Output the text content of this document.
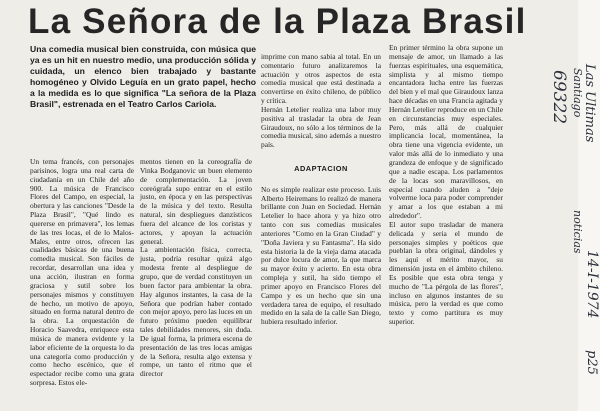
La Señora de la Plaza Brasil
Una comedia musical bien construida, con música que ya es un hit en nuestro medio, una producción sólida y cuidada, un elenco bien trabajado y bastante homogéneo y Olvido Leguía en un grato papel, hecho a la medida es lo que significa "La señora de la Plaza Brasil", estrenada en el Teatro Carlos Cariola.
Un tema francés, con personajes parisinos, logra una real carta de ciudadanía en un Chile del año 900. La música de Francisco Flores del Campo, en especial, la obertura y las canciones "Desde la Plaza Brasil", "Qué lindo es quererse en primavera", los lemas de las tres locas, el de lo Malos-Males, entre otros, ofrecen las cualidades básicas de una buena comedia musical. Son fáciles de recordar, desarrollan una idea y una acción, ilustran en forma graciosa y sutil sobre los personajes mismos y constituyen de hecho, un motivo de apoyo, situado en forma natural dentro de la obra. La orquestación de Horacio Saavedra, enriquece esta música de manera evidente y la labor eficiente de la orquesta lo da una categoría como producción y como hecho escénico, que el espectador recibe como una grata sorpresa. Estos ele-
mentos tienen en la coreografía de Vinka Bodganovic un buen elemento de complementación. La joven coreógrafa supo entrar en el estilo justo, en época y en las perspectivas de la música y del texto. Resulta natural, sin despliegues danzísticos fuera del alcance de los coristas y actores, y apoyan la actuación general.
La ambientación física, correcta, justa, podría resultar quizá algo modesta frente al despliegue de grupo, que de verdad constituyen un buen factor para ambientar la obra. Hay algunos instantes, la casa de la Señora que podrían haber contado con mejor apoyo, pero las luces en un futuro próximo pueden equilibrar tales debilidades menores, sin duda. De igual forma, la primera escena de presentación de las tres locas amigas de la Señora, resulta algo extensa y rompe, un tanto el ritmo que el director

imprime con mano sabia al total. En un comentario futuro analizaremos la actuación y otros aspectos de esta comedia musical que está destinada a convertirse en éxito chileno, de público y crítica.
Hernán Letelier realiza una labor muy positiva al trasladar la obra de Jean Giraudoux, no sólo a los términos de la comedia musical, sino además a nuestro país.

ADAPTACION

No es simple realizar este proceso. Luis Alberto Heiremans lo realizó de manera brillante con Juan en Sociedad. Hernán Letelier lo hace ahora y ya hizo otro tanto con sus comedias musicales anteriores "Como en la Gran Ciudad" y "Doña Javiera y su Fantasma". Ha sido esta historia la de la vieja dama atacada por dulce locura de amor, la que marca su mayor éxito y acierto. En esta obra compleja y sutil, ha sido tiempo el primer apoyo en Francisco Flores del Campo y es un hecho que sin una verdadera tarea de equipo, el resultado medido en la sala de la calle San Diego, hubiera resultado inferior.

En primer término la obra supone un mensaje de amor, un llamado a las fuerzas espirituales, una esquemática, simplista y al mismo tiempo encantadora lucha entre las fuerzas del bien y el mal que Giraudoux lanza hace décadas en una Francia agitada y Hernán Letelier reproduce en un Chile en circunstancias muy especiales. Pero, más allá de cualquier implicancia local, momentánea, la obra tiene una vigencia evidente, un valor más allá de lo inmediato y una grandeza de enfoque y de significado que a nadie escapa. Los parlamentos de la locas son maravillosos, en especial cuando aluden a "deje volverme loca para poder comprender y amar a los que estaban a mi alrededor".
El autor supo trasladar de manera delicada y seria el mundo de personajes simples y poéticos que pueblan la obra original, dándoles y les aquí el mérito mayor, su dimensión justa en el ámbito chileno. Es posible que esta obra tenga y mucho de "La pérgola de las flores", incluso en algunos instantes de su música, pero la verdad es que como texto y como partitura es muy superior.
Las Ultimas
Santiago
69322
noticias
14-I-1974
p25
